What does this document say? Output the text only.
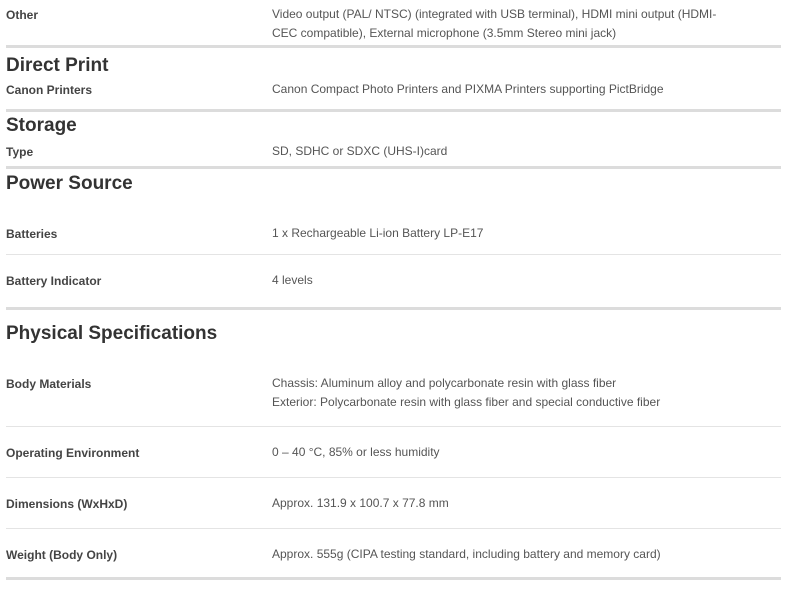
Other	Video output (PAL/ NTSC) (integrated with USB terminal), HDMI mini output (HDMI-
CEC compatible), External microphone (3.5mm Stereo mini jack)
Direct Print
Canon Printers	Canon Compact Photo Printers and PIXMA Printers supporting PictBridge
Storage
Type	SD, SDHC or SDXC (UHS-I)card
Power Source
Batteries	1 x Rechargeable Li-ion Battery LP-E17
Battery Indicator	4 levels
Physical Specifications
Body Materials	Chassis: Aluminum alloy and polycarbonate resin with glass fiber
Exterior: Polycarbonate resin with glass fiber and special conductive fiber
Operating Environment	0 – 40 °C, 85% or less humidity
Dimensions (WxHxD)	Approx. 131.9 x 100.7 x 77.8 mm
Weight (Body Only)	Approx. 555g (CIPA testing standard, including battery and memory card)
